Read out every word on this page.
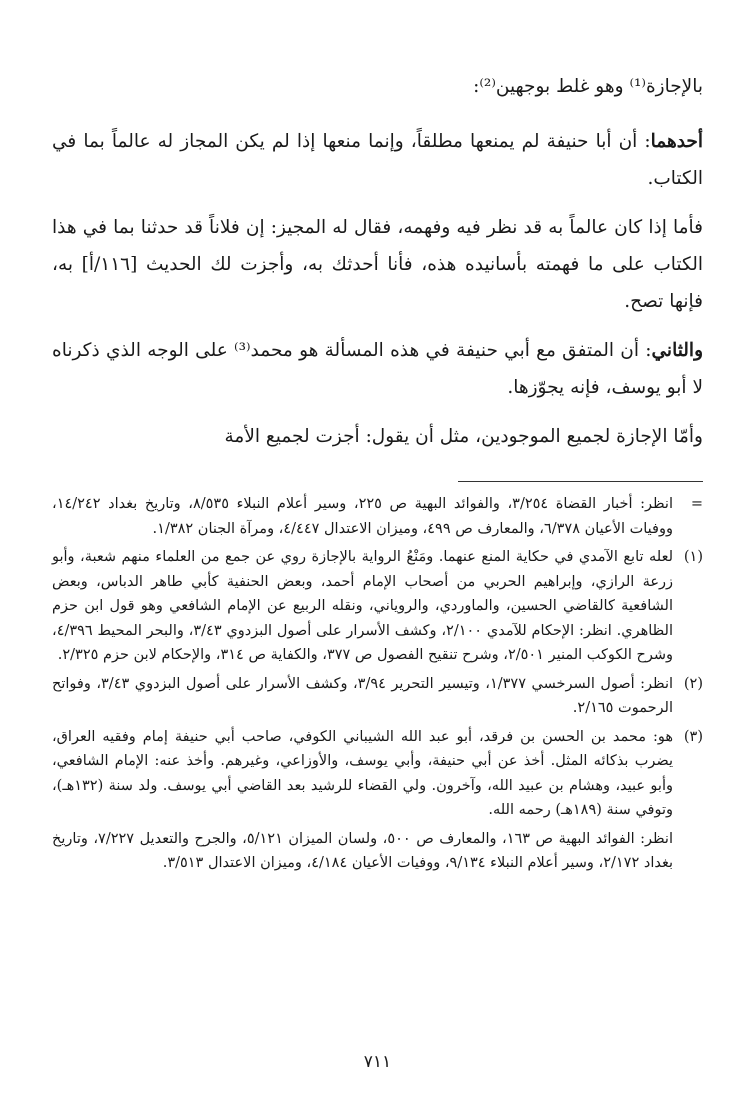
بالإجازة⁽¹⁾ وهو غلط بوجهين⁽²⁾:

أحدهما: أن أبا حنيفة لم يمنعها مطلقاً، وإنما منعها إذا لم يكن المجاز له عالماً بما في الكتاب.

فأما إذا كان عالماً به قد نظر فيه وفهمه، فقال له المجيز: إن فلاناً قد حدثنا بما في هذا الكتاب على ما فهمته بأسانيده هذه، فأنا أحدثك به، وأجزت لك الحديث [١١٦/أ] به، فإنها تصح.

والثاني: أن المتفق مع أبي حنيفة في هذه المسألة هو محمد⁽³⁾ على الوجه الذي ذكرناه لا أبو يوسف، فإنه يجوّزها.

وأمّا الإجازة لجميع الموجودين، مثل أن يقول: أجزت لجميع الأمة

=

انظر: أخبار القضاة ٣/٢٥٤، والفوائد البهية ص ٢٢٥، وسير أعلام النبلاء ٨/٥٣٥، وتاريخ بغداد ١٤/٢٤٢، ووفيات الأعيان ٦/٣٧٨، والمعارف ص ٤٩٩، وميزان الاعتدال ٤/٤٤٧، ومرآة الجنان ١/٣٨٢.

(١)

لعله تابع الآمدي في حكاية المنع عنهما. ومَنْعُ الرواية بالإجازة روي عن جمع من العلماء منهم شعبة، وأبو زرعة الرازي، وإبراهيم الحربي من أصحاب الإمام أحمد، وبعض الحنفية كأبي طاهر الدباس، وبعض الشافعية كالقاضي الحسين، والماوردي، والروياني، ونقله الربيع عن الإمام الشافعي وهو قول ابن حزم الظاهري. انظر: الإحكام للآمدي ٢/١٠٠، وكشف الأسرار على أصول البزدوي ٣/٤٣، والبحر المحيط ٤/٣٩٦، وشرح الكوكب المنير ٢/٥٠١، وشرح تنقيح الفصول ص ٣٧٧، والكفاية ص ٣١٤، والإحكام لابن حزم ٢/٣٢٥.

(٢)

انظر: أصول السرخسي ١/٣٧٧، وتيسير التحرير ٣/٩٤، وكشف الأسرار على أصول البزدوي ٣/٤٣، وفواتح الرحموت ٢/١٦٥.

(٣)

هو: محمد بن الحسن بن فرقد، أبو عبد الله الشيباني الكوفي، صاحب أبي حنيفة إمام وفقيه العراق، يضرب بذكائه المثل. أخذ عن أبي حنيفة، وأبي يوسف، والأوزاعي، وغيرهم. وأخذ عنه: الإمام الشافعي، وأبو عبيد، وهشام بن عبيد الله، وآخرون. ولي القضاء للرشيد بعد القاضي أبي يوسف. ولد سنة (١٣٢هـ)، وتوفي سنة (١٨٩هـ) رحمه الله.

انظر: الفوائد البهية ص ١٦٣، والمعارف ص ٥٠٠، ولسان الميزان ٥/١٢١، والجرح والتعديل ٧/٢٢٧، وتاريخ بغداد ٢/١٧٢، وسير أعلام النبلاء ٩/١٣٤، ووفيات الأعيان ٤/١٨٤، وميزان الاعتدال ٣/٥١٣.

٧١١
